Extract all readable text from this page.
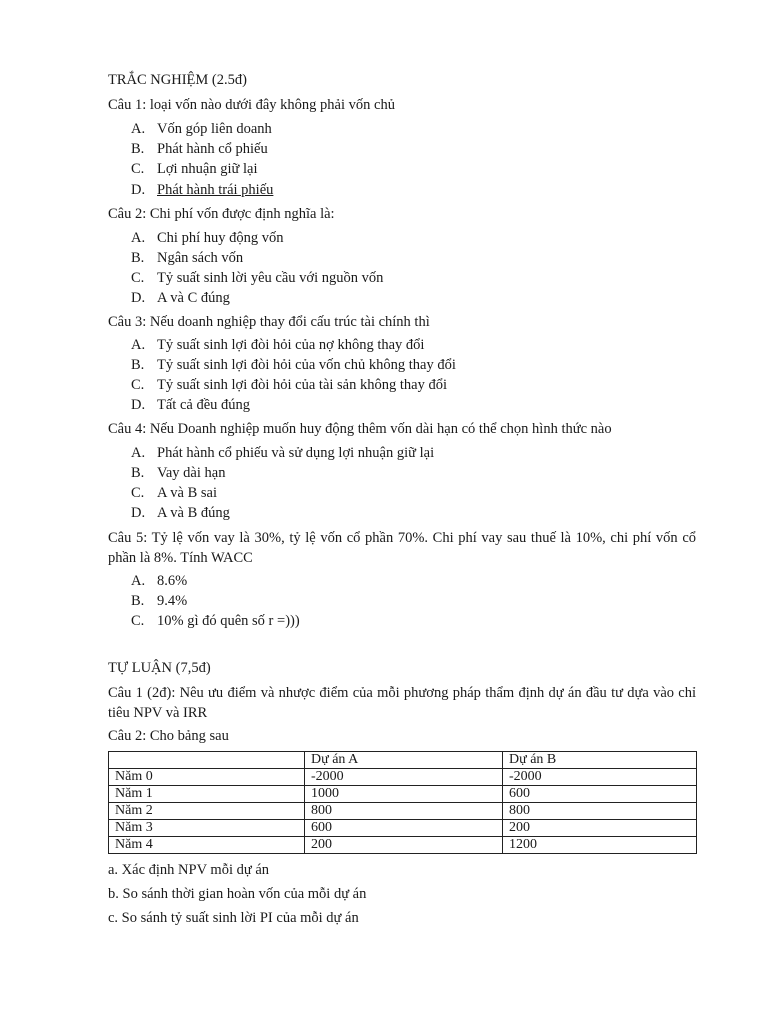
TRẮC NGHIỆM (2.5đ)
Câu 1: loại vốn nào dưới đây không phải vốn chủ
A. Vốn góp liên doanh
B. Phát hành cổ phiếu
C. Lợi nhuận giữ lại
D. Phát hành trái phiếu
Câu 2: Chi phí vốn được định nghĩa là:
A. Chi phí huy động vốn
B. Ngân sách vốn
C. Tỷ suất sinh lời yêu cầu với nguồn vốn
D. A và C đúng
Câu 3: Nếu doanh nghiệp thay đổi cấu trúc tài chính thì
A. Tỷ suất sinh lợi đòi hỏi của nợ không thay đổi
B. Tỷ suất sinh lợi đòi hỏi của vốn chủ không thay đổi
C. Tỷ suất sinh lợi đòi hỏi của tài sản không thay đổi
D. Tất cả đều đúng
Câu 4: Nếu Doanh nghiệp muốn huy động thêm vốn dài hạn có thể chọn hình thức nào
A. Phát hành cổ phiếu và sử dụng lợi nhuận giữ lại
B. Vay dài hạn
C. A và B sai
D. A và B đúng
Câu 5: Tỷ lệ vốn vay là 30%, tỷ lệ vốn cổ phần 70%. Chi phí vay sau thuế là 10%, chi phí vốn cổ phần là 8%. Tính WACC
A. 8.6%
B. 9.4%
C. 10% gì đó quên số r =)))
TỰ LUẬN (7,5đ)
Câu 1 (2đ): Nêu ưu điểm và nhược điểm của mỗi phương pháp thẩm định dự án đầu tư dựa vào chỉ tiêu NPV và IRR
Câu 2: Cho bảng sau
	Dự án A	Dự án B
Năm 0	-2000	-2000
Năm 1	1000	600
Năm 2	800	800
Năm 3	600	200
Năm 4	200	1200
a. Xác định NPV mỗi dự án
b. So sánh thời gian hoàn vốn của mỗi dự án
c. So sánh tỷ suất sinh lời PI của mỗi dự án
